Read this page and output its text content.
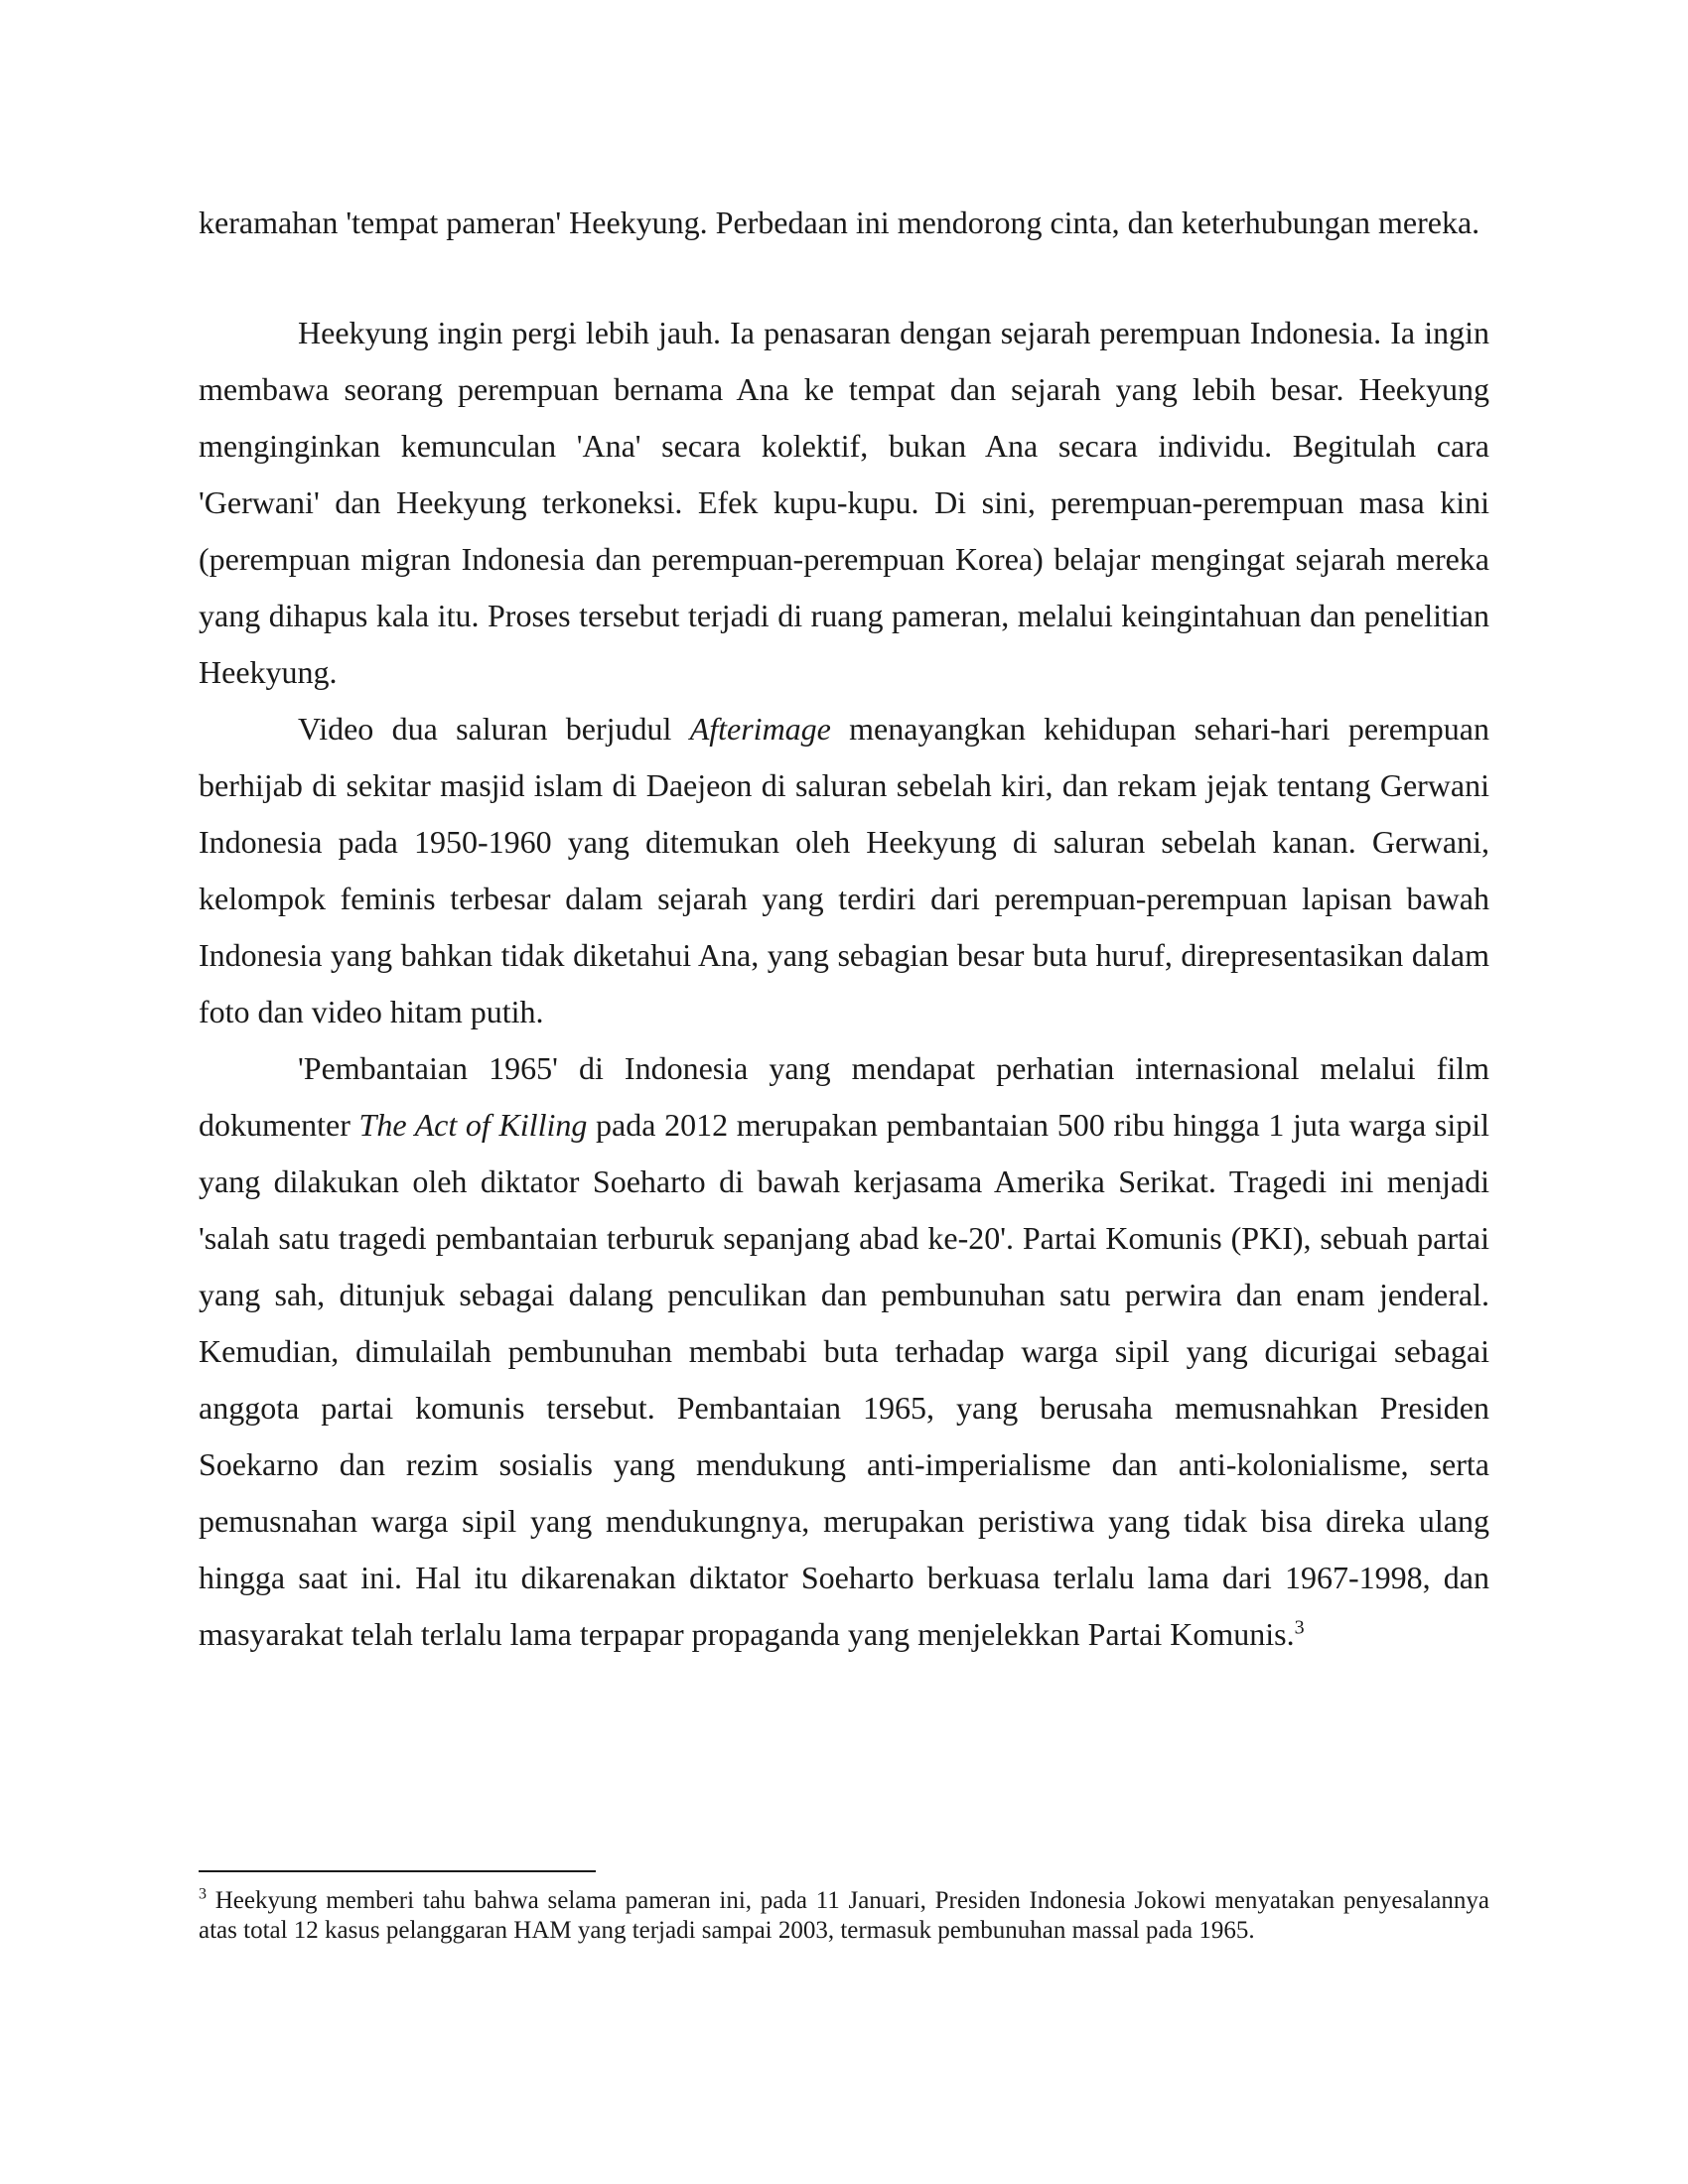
keramahan 'tempat pameran' Heekyung. Perbedaan ini mendorong cinta, dan keterhubungan mereka.

Heekyung ingin pergi lebih jauh. Ia penasaran dengan sejarah perempuan Indonesia. Ia ingin membawa seorang perempuan bernama Ana ke tempat dan sejarah yang lebih besar. Heekyung menginginkan kemunculan 'Ana' secara kolektif, bukan Ana secara individu. Begitulah cara 'Gerwani' dan Heekyung terkoneksi. Efek kupu-kupu. Di sini, perempuan-perempuan masa kini (perempuan migran Indonesia dan perempuan-perempuan Korea) belajar mengingat sejarah mereka yang dihapus kala itu. Proses tersebut terjadi di ruang pameran, melalui keingintahuan dan penelitian Heekyung.

Video dua saluran berjudul Afterimage menayangkan kehidupan sehari-hari perempuan berhijab di sekitar masjid islam di Daejeon di saluran sebelah kiri, dan rekam jejak tentang Gerwani Indonesia pada 1950-1960 yang ditemukan oleh Heekyung di saluran sebelah kanan. Gerwani, kelompok feminis terbesar dalam sejarah yang terdiri dari perempuan-perempuan lapisan bawah Indonesia yang bahkan tidak diketahui Ana, yang sebagian besar buta huruf, direpresentasikan dalam foto dan video hitam putih.

'Pembantaian 1965' di Indonesia yang mendapat perhatian internasional melalui film dokumenter The Act of Killing pada 2012 merupakan pembantaian 500 ribu hingga 1 juta warga sipil yang dilakukan oleh diktator Soeharto di bawah kerjasama Amerika Serikat. Tragedi ini menjadi 'salah satu tragedi pembantaian terburuk sepanjang abad ke-20'. Partai Komunis (PKI), sebuah partai yang sah, ditunjuk sebagai dalang penculikan dan pembunuhan satu perwira dan enam jenderal. Kemudian, dimulailah pembunuhan membabi buta terhadap warga sipil yang dicurigai sebagai anggota partai komunis tersebut. Pembantaian 1965, yang berusaha memusnahkan Presiden Soekarno dan rezim sosialis yang mendukung anti-imperialisme dan anti-kolonialisme, serta pemusnahan warga sipil yang mendukungnya, merupakan peristiwa yang tidak bisa direka ulang hingga saat ini. Hal itu dikarenakan diktator Soeharto berkuasa terlalu lama dari 1967-1998, dan masyarakat telah terlalu lama terpapar propaganda yang menjelekkan Partai Komunis.$^3$

$^3$ Heekyung memberi tahu bahwa selama pameran ini, pada 11 Januari, Presiden Indonesia Jokowi menyatakan penyesalannya atas total 12 kasus pelanggaran HAM yang terjadi sampai 2003, termasuk pembunuhan massal pada 1965.
